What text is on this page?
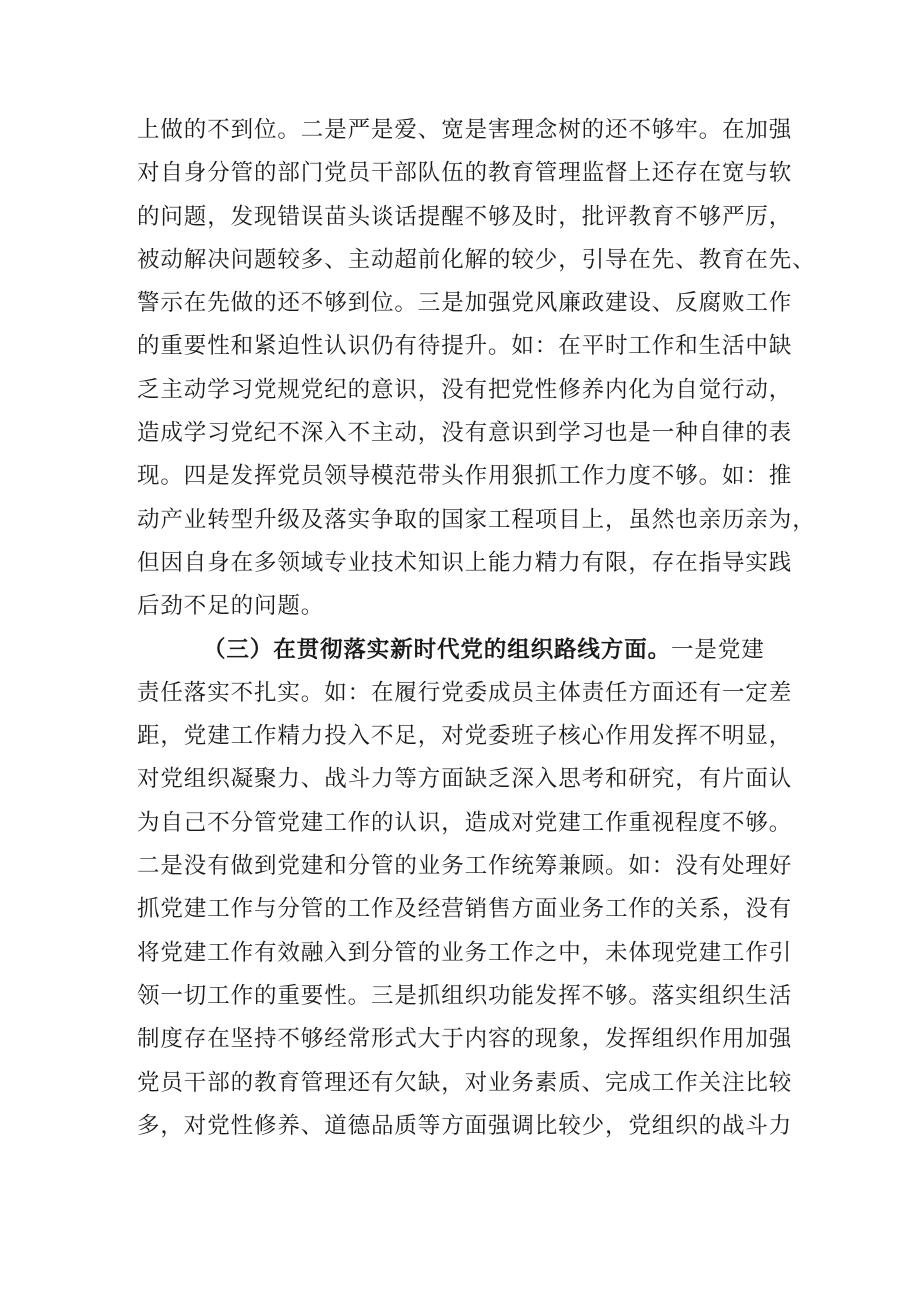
上做的不到位。二是严是爱、宽是害理念树的还不够牢。在加强
对自身分管的部门党员干部队伍的教育管理监督上还存在宽与软
的问题，发现错误苗头谈话提醒不够及时，批评教育不够严厉，
被动解决问题较多、主动超前化解的较少，引导在先、教育在先、
警示在先做的还不够到位。三是加强党风廉政建设、反腐败工作
的重要性和紧迫性认识仍有待提升。如：在平时工作和生活中缺
乏主动学习党规党纪的意识，没有把党性修养内化为自觉行动，
造成学习党纪不深入不主动，没有意识到学习也是一种自律的表
现。四是发挥党员领导模范带头作用狠抓工作力度不够。如：推
动产业转型升级及落实争取的国家工程项目上，虽然也亲历亲为，
但因自身在多领域专业技术知识上能力精力有限，存在指导实践
后劲不足的问题。
（三）在贯彻落实新时代党的组织路线方面。一是党建
责任落实不扎实。如：在履行党委成员主体责任方面还有一定差
距，党建工作精力投入不足，对党委班子核心作用发挥不明显，
对党组织凝聚力、战斗力等方面缺乏深入思考和研究，有片面认
为自己不分管党建工作的认识，造成对党建工作重视程度不够。
二是没有做到党建和分管的业务工作统筹兼顾。如：没有处理好
抓党建工作与分管的工作及经营销售方面业务工作的关系，没有
将党建工作有效融入到分管的业务工作之中，未体现党建工作引
领一切工作的重要性。三是抓组织功能发挥不够。落实组织生活
制度存在坚持不够经常形式大于内容的现象，发挥组织作用加强
党员干部的教育管理还有欠缺，对业务素质、完成工作关注比较
多，对党性修养、道德品质等方面强调比较少，党组织的战斗力
